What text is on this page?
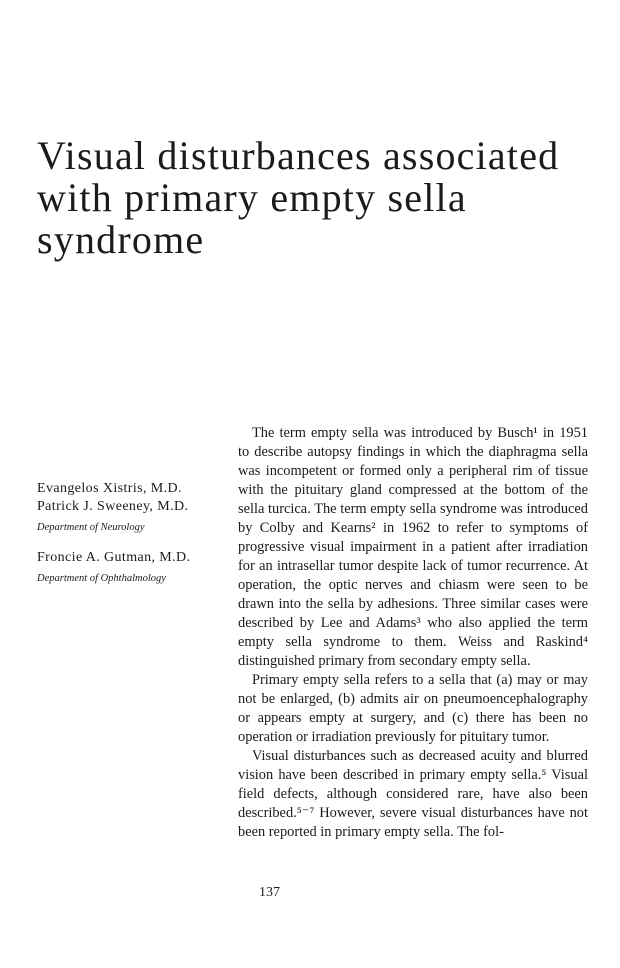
Visual disturbances associated
with primary empty sella
syndrome
Evangelos Xistris, M.D.
Patrick J. Sweeney, M.D.
Department of Neurology
Froncie A. Gutman, M.D.
Department of Ophthalmology

The term empty sella was introduced by Busch¹ in 1951 to describe autopsy findings in which the diaphragma sella was incompetent or formed only a peripheral rim of tissue with the pituitary gland compressed at the bottom of the sella turcica. The term empty sella syndrome was introduced by Colby and Kearns² in 1962 to refer to symptoms of progressive visual impairment in a patient after irradiation for an intrasellar tumor despite lack of tumor recurrence. At operation, the optic nerves and chiasm were seen to be drawn into the sella by adhesions. Three similar cases were described by Lee and Adams³ who also applied the term empty sella syndrome to them. Weiss and Raskind⁴ distinguished primary from secondary empty sella.

Primary empty sella refers to a sella that (a) may or may not be enlarged, (b) admits air on pneumoencephalography or appears empty at surgery, and (c) there has been no operation or irradiation previously for pituitary tumor.

Visual disturbances such as decreased acuity and blurred vision have been described in primary empty sella.⁵ Visual field defects, although considered rare, have also been described.⁵⁻⁷ However, severe visual disturbances have not been reported in primary empty sella. The fol-

137
